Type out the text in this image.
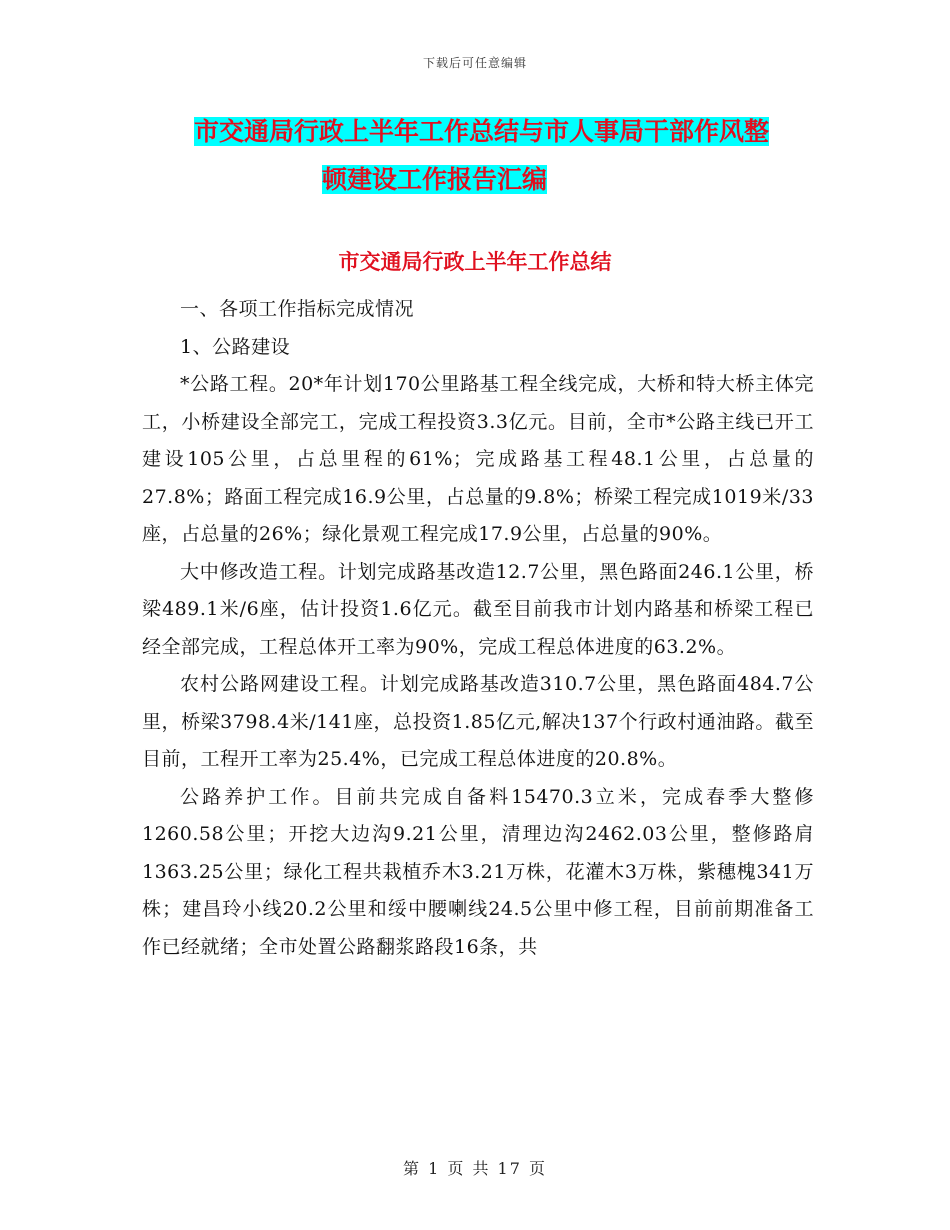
下载后可任意编辑
市交通局行政上半年工作总结与市人事局干部作风整
顿建设工作报告汇编
市交通局行政上半年工作总结

一、各项工作指标完成情况

1、公路建设

*公路工程。20*年计划170公里路基工程全线完成，大桥和特大桥主体完工，小桥建设全部完工，完成工程投资3.3亿元。目前，全市*公路主线已开工建设105公里，占总里程的61%；完成路基工程48.1公里，占总量的27.8%；路面工程完成16.9公里，占总量的9.8%；桥梁工程完成1019米/33座，占总量的26%；绿化景观工程完成17.9公里，占总量的90%。

大中修改造工程。计划完成路基改造12.7公里，黑色路面246.1公里，桥梁489.1米/6座，估计投资1.6亿元。截至目前我市计划内路基和桥梁工程已经全部完成，工程总体开工率为90%，完成工程总体进度的63.2%。

农村公路网建设工程。计划完成路基改造310.7公里，黑色路面484.7公里，桥梁3798.4米/141座，总投资1.85亿元,解决137个行政村通油路。截至目前，工程开工率为25.4%，已完成工程总体进度的20.8%。

公路养护工作。目前共完成自备料15470.3立米，完成春季大整修1260.58公里；开挖大边沟9.21公里，清理边沟2462.03公里，整修路肩1363.25公里；绿化工程共栽植乔木3.21万株，花灌木3万株，紫穗槐341万株；建昌玲小线20.2公里和绥中腰喇线24.5公里中修工程，目前前期准备工作已经就绪；全市处置公路翻浆路段16条，共

第 1 页 共 17 页
